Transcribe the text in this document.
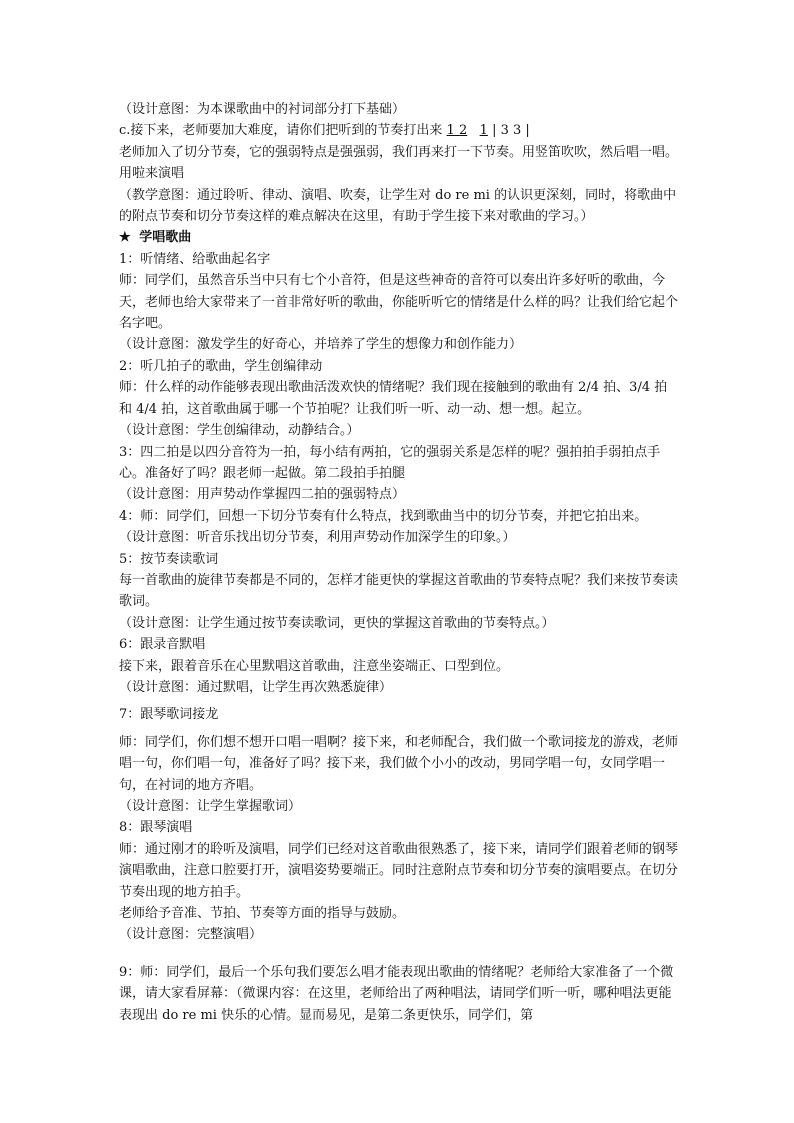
（设计意图：为本课歌曲中的衬词部分打下基础）

c.接下来，老师要加大难度，请你们把听到的节奏打出来 1 2 1 | 3 3 |

老师加入了切分节奏，它的强弱特点是强强弱，我们再来打一下节奏。用竖笛吹吹，然后唱一唱。用啦来演唱

（教学意图：通过聆听、律动、演唱、吹奏，让学生对 do re mi 的认识更深刻，同时，将歌曲中的附点节奏和切分节奏这样的难点解决在这里，有助于学生接下来对歌曲的学习。）

★ 学唱歌曲

1：听情绪、给歌曲起名字

师：同学们，虽然音乐当中只有七个小音符，但是这些神奇的音符可以奏出许多好听的歌曲，今天，老师也给大家带来了一首非常好听的歌曲，你能听听它的情绪是什么样的吗？让我们给它起个名字吧。

（设计意图：激发学生的好奇心，并培养了学生的想像力和创作能力）

2：听几拍子的歌曲，学生创编律动

师：什么样的动作能够表现出歌曲活泼欢快的情绪呢？我们现在接触到的歌曲有 2/4 拍、3/4 拍和 4/4 拍，这首歌曲属于哪一个节拍呢？让我们听一听、动一动、想一想。起立。

（设计意图：学生创编律动，动静结合。）

3：四二拍是以四分音符为一拍，每小结有两拍，它的强弱关系是怎样的呢？强拍拍手弱拍点手心。准备好了吗？跟老师一起做。第二段拍手拍腿

（设计意图：用声势动作掌握四二拍的强弱特点）

4：师：同学们，回想一下切分节奏有什么特点，找到歌曲当中的切分节奏，并把它拍出来。

（设计意图：听音乐找出切分节奏，利用声势动作加深学生的印象。）

5：按节奏读歌词

每一首歌曲的旋律节奏都是不同的，怎样才能更快的掌握这首歌曲的节奏特点呢？我们来按节奏读歌词。

（设计意图：让学生通过按节奏读歌词，更快的掌握这首歌曲的节奏特点。）

6：跟录音默唱

接下来，跟着音乐在心里默唱这首歌曲，注意坐姿端正、口型到位。

（设计意图：通过默唱，让学生再次熟悉旋律）

7：跟琴歌词接龙

师：同学们，你们想不想开口唱一唱啊？接下来，和老师配合，我们做一个歌词接龙的游戏，老师唱一句，你们唱一句，准备好了吗？接下来，我们做个小小的改动，男同学唱一句，女同学唱一句，在衬词的地方齐唱。

（设计意图：让学生掌握歌词）

8：跟琴演唱

师：通过刚才的聆听及演唱，同学们已经对这首歌曲很熟悉了，接下来，请同学们跟着老师的钢琴演唱歌曲，注意口腔要打开，演唱姿势要端正。同时注意附点节奏和切分节奏的演唱要点。在切分节奏出现的地方拍手。

老师给予音准、节拍、节奏等方面的指导与鼓励。

（设计意图：完整演唱）

9：师：同学们，最后一个乐句我们要怎么唱才能表现出歌曲的情绪呢？老师给大家准备了一个微课，请大家看屏幕：（微课内容：在这里，老师给出了两种唱法，请同学们听一听，哪种唱法更能表现出 do re mi 快乐的心情。显而易见，是第二条更快乐，同学们，第
